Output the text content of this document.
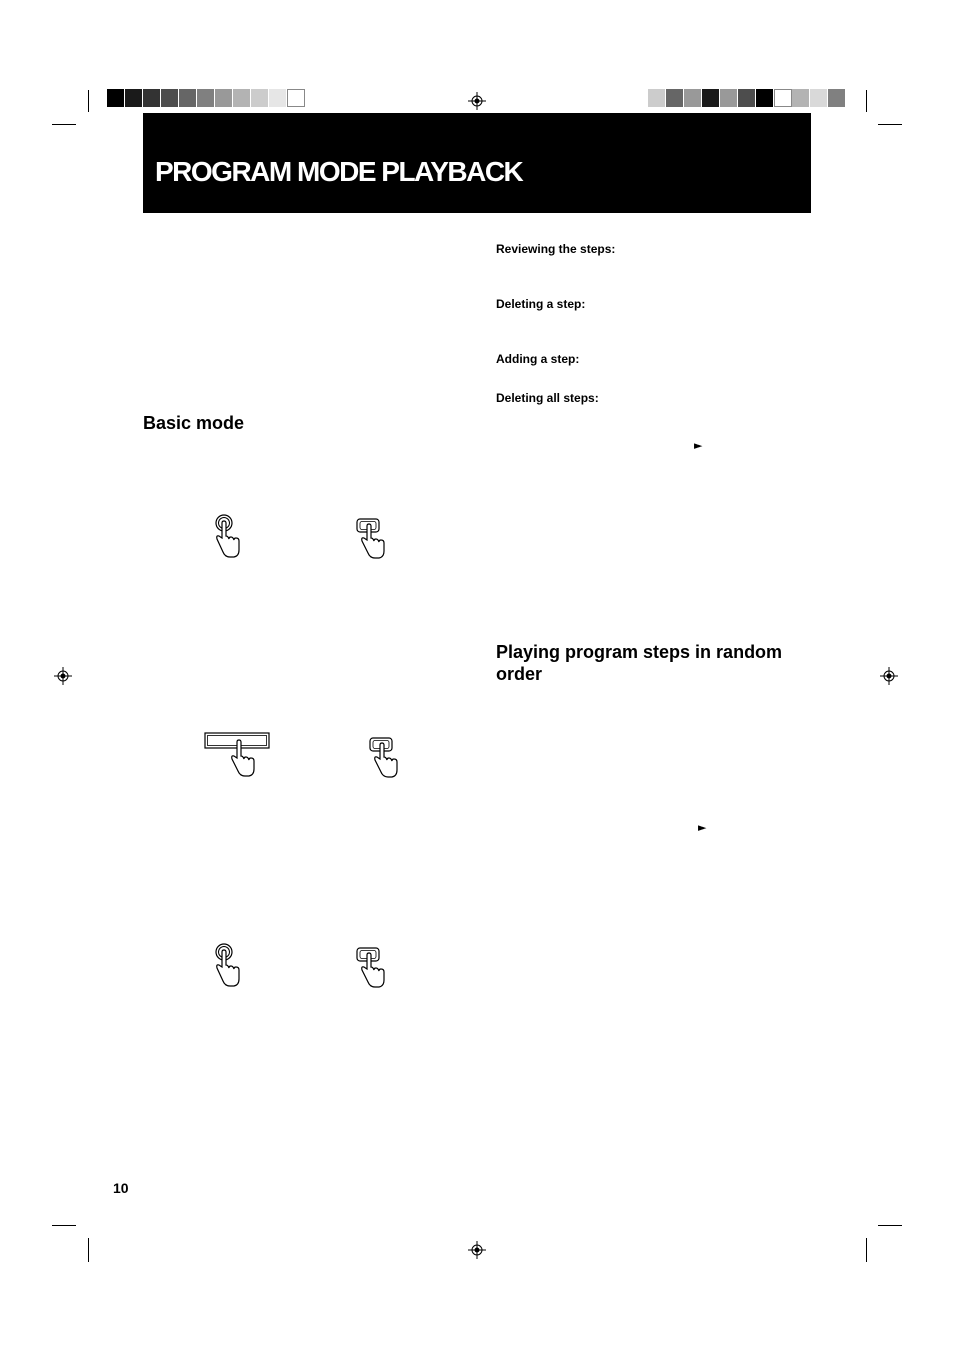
PROGRAM MODE PLAYBACK

Reviewing the steps:

Deleting a step:

Adding a step:

Deleting all steps:

►
Playing program steps in random order
►
Basic mode
10
